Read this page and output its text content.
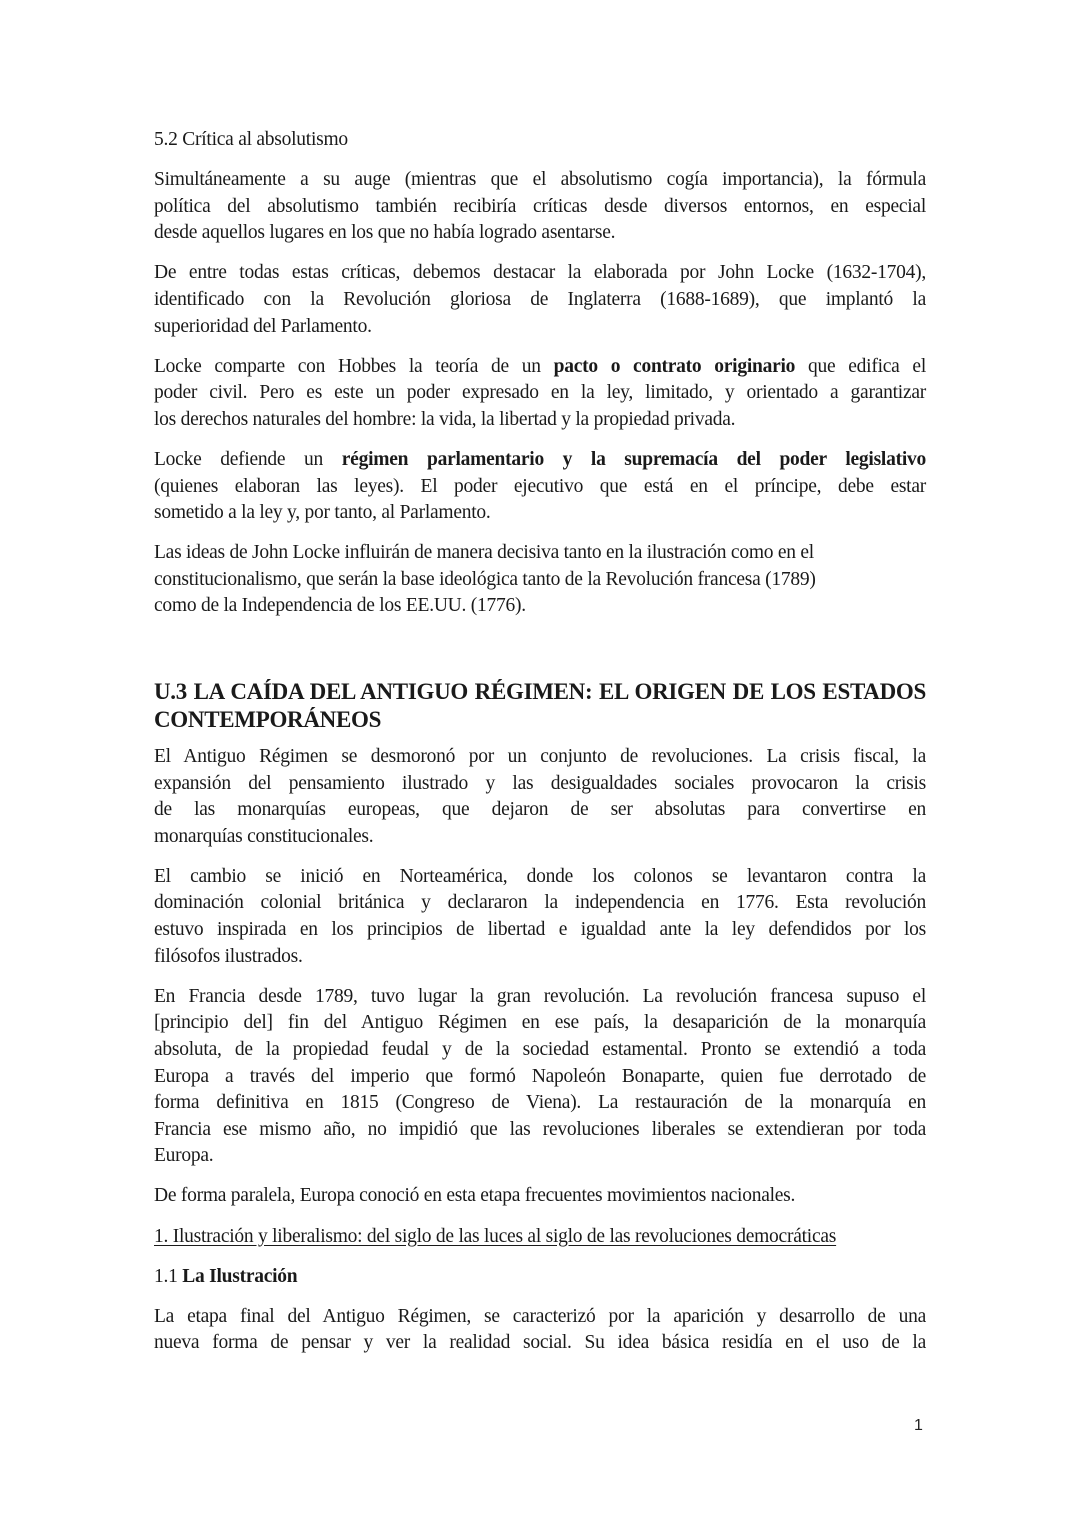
5.2 Crítica al absolutismo

Simultáneamente a su auge (mientras que el absolutismo cogía importancia), la fórmula
política del absolutismo también recibiría críticas desde diversos entornos, en especial
desde aquellos lugares en los que no había logrado asentarse.
De entre todas estas críticas, debemos destacar la elaborada por John Locke (1632-1704),
identificado con la Revolución gloriosa de Inglaterra (1688-1689), que implantó la
superioridad del Parlamento.
Locke comparte con Hobbes la teoría de un pacto o contrato originario que edifica el
poder civil. Pero es este un poder expresado en la ley, limitado, y orientado a garantizar
los derechos naturales del hombre: la vida, la libertad y la propiedad privada.
Locke defiende un régimen parlamentario y la supremacía del poder legislativo
(quienes elaboran las leyes). El poder ejecutivo que está en el príncipe, debe estar
sometido a la ley y, por tanto, al Parlamento.
Las ideas de John Locke influirán de manera decisiva tanto en la ilustración como en el
constitucionalismo, que serán la base ideológica tanto de la Revolución francesa (1789)
como de la Independencia de los EE.UU. (1776).
U.3 LA CAÍDA DEL ANTIGUO RÉGIMEN: EL ORIGEN DE LOS ESTADOS
CONTEMPORÁNEOS
El Antiguo Régimen se desmoronó por un conjunto de revoluciones. La crisis fiscal, la
expansión del pensamiento ilustrado y las desigualdades sociales provocaron la crisis
de las monarquías europeas, que dejaron de ser absolutas para convertirse en
monarquías constitucionales.
El cambio se inició en Norteamérica, donde los colonos se levantaron contra la
dominación colonial británica y declararon la independencia en 1776. Esta revolución
estuvo inspirada en los principios de libertad e igualdad ante la ley defendidos por los
filósofos ilustrados.
En Francia desde 1789, tuvo lugar la gran revolución. La revolución francesa supuso el
[principio del] fin del Antiguo Régimen en ese país, la desaparición de la monarquía
absoluta, de la propiedad feudal y de la sociedad estamental. Pronto se extendió a toda
Europa a través del imperio que formó Napoleón Bonaparte, quien fue derrotado de
forma definitiva en 1815 (Congreso de Viena). La restauración de la monarquía en
Francia ese mismo año, no impidió que las revoluciones liberales se extendieran por toda
Europa.
De forma paralela, Europa conoció en esta etapa frecuentes movimientos nacionales.

1. Ilustración y liberalismo: del siglo de las luces al siglo de las revoluciones democráticas

1.1 La Ilustración

La etapa final del Antiguo Régimen, se caracterizó por la aparición y desarrollo de una
nueva forma de pensar y ver la realidad social. Su idea básica residía en el uso de la
1
